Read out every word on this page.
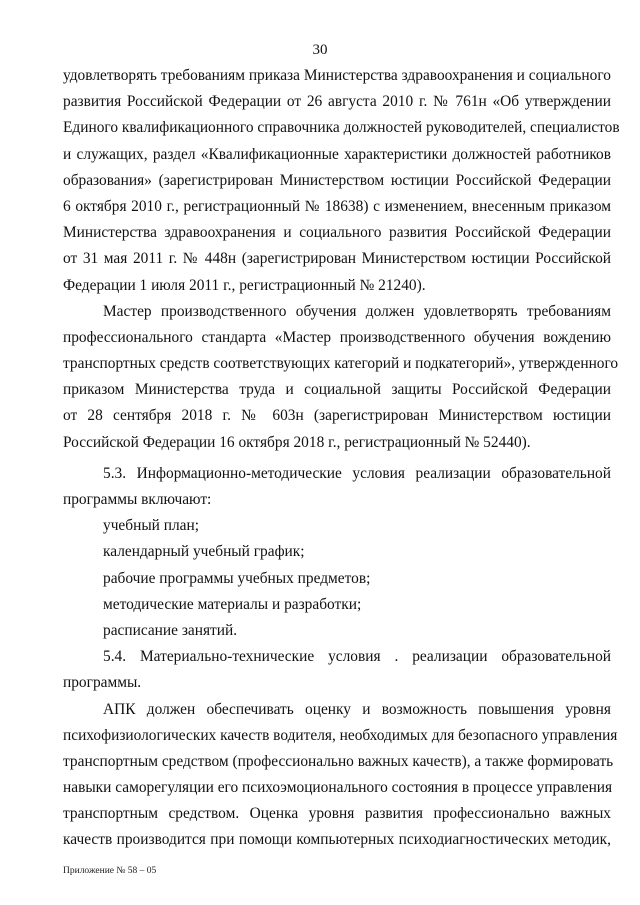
30
удовлетворять требованиям приказа Министерства здравоохранения и социального
развития Российской Федерации от 26 августа 2010 г. № 761н «Об утверждении
Единого квалификационного справочника должностей руководителей, специалистов
и служащих, раздел «Квалификационные характеристики должностей работников
образования» (зарегистрирован Министерством юстиции Российской Федерации
6 октября 2010 г., регистрационный № 18638) с изменением, внесенным приказом
Министерства здравоохранения и социального развития Российской Федерации
от 31 мая 2011 г. № 448н (зарегистрирован Министерством юстиции Российской
Федерации 1 июля 2011 г., регистрационный № 21240).
Мастер производственного обучения должен удовлетворять требованиям
профессионального стандарта «Мастер производственного обучения вождению
транспортных средств соответствующих категорий и подкатегорий», утвержденного
приказом Министерства труда и социальной защиты Российской Федерации
от 28 сентября 2018 г. № 603н (зарегистрирован Министерством юстиции
Российской Федерации 16 октября 2018 г., регистрационный № 52440).
5.3. Информационно-методические условия реализации образовательной
программы включают:
учебный план;
календарный учебный график;
рабочие программы учебных предметов;
методические материалы и разработки;
расписание занятий.
5.4. Материально-технические условия . реализации образовательной
программы.
АПК должен обеспечивать оценку и возможность повышения уровня
психофизиологических качеств водителя, необходимых для безопасного управления
транспортным средством (профессионально важных качеств), а также формировать
навыки саморегуляции его психоэмоционального состояния в процессе управления
транспортным средством. Оценка уровня развития профессионально важных
качеств производится при помощи компьютерных психодиагностических методик,
Приложение № 58 – 05
